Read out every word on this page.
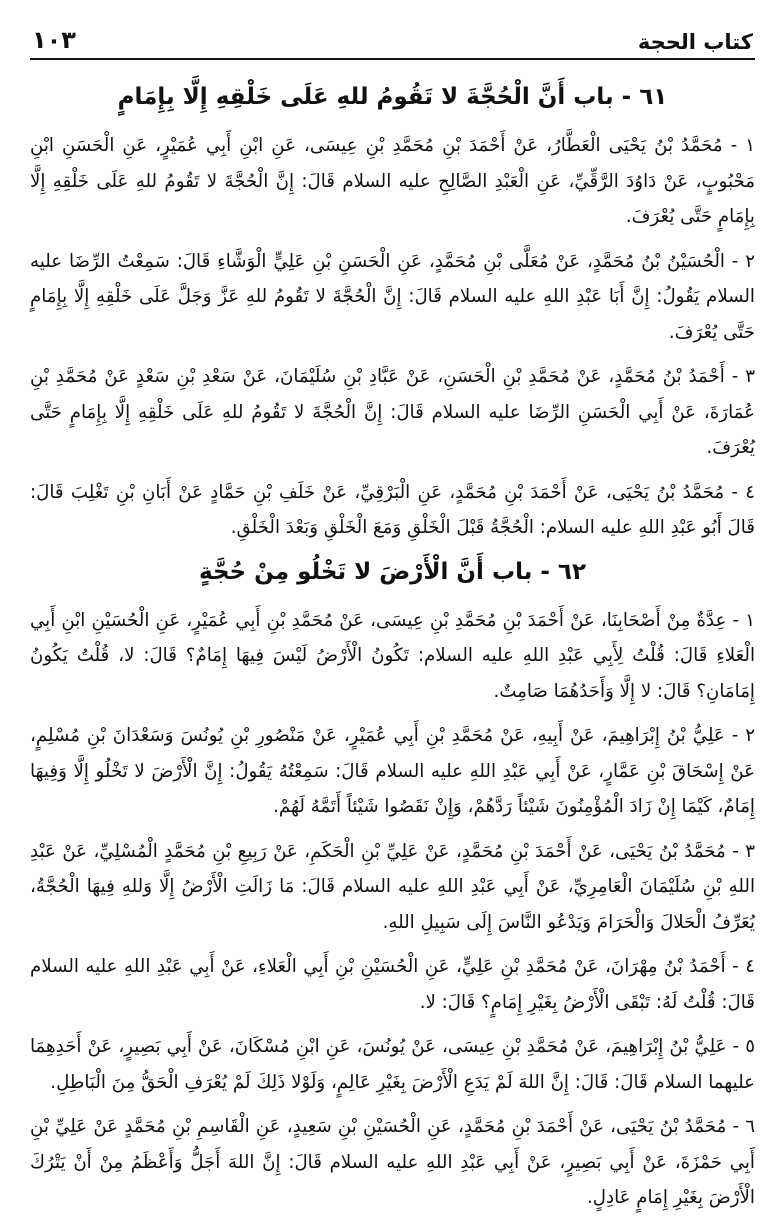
كتاب الحجة
١٠٣
٦١ - باب أَنَّ الْحُجَّةَ لا تَقُومُ للهِ عَلَى خَلْقِهِ إِلَّا بِإِمَامٍ

١ - مُحَمَّدُ بْنُ يَحْيَى الْعَطَّارُ، عَنْ أَحْمَدَ بْنِ مُحَمَّدِ بْنِ عِيسَى، عَنِ ابْنِ أَبِي عُمَيْرٍ، عَنِ الْحَسَنِ ابْنِ مَحْبُوبٍ، عَنْ دَاوُدَ الرَّقِّيِّ، عَنِ الْعَبْدِ الصَّالِحِ عليه السلام قَالَ: إِنَّ الْحُجَّةَ لا تَقُومُ للهِ عَلَى خَلْقِهِ إِلَّا بِإِمَامٍ حَتَّى يُعْرَفَ.

٢ - الْحُسَيْنُ بْنُ مُحَمَّدٍ، عَنْ مُعَلَّى بْنِ مُحَمَّدٍ، عَنِ الْحَسَنِ بْنِ عَلِيٍّ الْوَشَّاءِ قَالَ: سَمِعْتُ الرِّضَا عليه السلام يَقُولُ: إِنَّ أَبَا عَبْدِ اللهِ عليه السلام قَالَ: إِنَّ الْحُجَّةَ لا تَقُومُ للهِ عَزَّ وَجَلَّ عَلَى خَلْقِهِ إِلَّا بِإِمَامٍ حَتَّى يُعْرَفَ.

٣ - أَحْمَدُ بْنُ مُحَمَّدٍ، عَنْ مُحَمَّدِ بْنِ الْحَسَنِ، عَنْ عَبَّادِ بْنِ سُلَيْمَانَ، عَنْ سَعْدِ بْنِ سَعْدٍ عَنْ مُحَمَّدِ بْنِ عُمَارَةَ، عَنْ أَبِي الْحَسَنِ الرِّضَا عليه السلام قَالَ: إِنَّ الْحُجَّةَ لا تَقُومُ للهِ عَلَى خَلْقِهِ إِلَّا بِإِمَامٍ حَتَّى يُعْرَفَ.

٤ - مُحَمَّدُ بْنُ يَحْيَى، عَنْ أَحْمَدَ بْنِ مُحَمَّدٍ، عَنِ الْبَرْقِيِّ، عَنْ خَلَفِ بْنِ حَمَّادٍ عَنْ أَبَانِ بْنِ تَغْلِبَ قَالَ: قَالَ أَبُو عَبْدِ اللهِ عليه السلام: الْحُجَّةُ قَبْلَ الْخَلْقِ وَمَعَ الْخَلْقِ وَبَعْدَ الْخَلْقِ.

٦٢ - باب أَنَّ الْأَرْضَ لا تَخْلُو مِنْ حُجَّةٍ

١ - عِدَّةٌ مِنْ أَصْحَابِنَا، عَنْ أَحْمَدَ بْنِ مُحَمَّدِ بْنِ عِيسَى، عَنْ مُحَمَّدِ بْنِ أَبِي عُمَيْرٍ، عَنِ الْحُسَيْنِ ابْنِ أَبِي الْعَلاءِ قَالَ: قُلْتُ لِأَبِي عَبْدِ اللهِ عليه السلام: تَكُونُ الْأَرْضُ لَيْسَ فِيهَا إِمَامٌ؟ قَالَ: لا، قُلْتُ يَكُونُ إِمَامَانِ؟ قَالَ: لا إِلَّا وَأَحَدُهُمَا صَامِتٌ.

٢ - عَلِيُّ بْنُ إِبْرَاهِيمَ، عَنْ أَبِيهِ، عَنْ مُحَمَّدِ بْنِ أَبِي عُمَيْرٍ، عَنْ مَنْصُورِ بْنِ يُونُسَ وَسَعْدَانَ بْنِ مُسْلِمٍ، عَنْ إِسْحَاقَ بْنِ عَمَّارٍ، عَنْ أَبِي عَبْدِ اللهِ عليه السلام قَالَ: سَمِعْتُهُ يَقُولُ: إِنَّ الْأَرْضَ لا تَخْلُو إِلَّا وَفِيهَا إِمَامٌ، كَيْمَا إِنْ زَادَ الْمُؤْمِنُونَ شَيْئاً رَدَّهُمْ، وَإِنْ نَقَصُوا شَيْئاً أَتَمَّهُ لَهُمْ.

٣ - مُحَمَّدُ بْنُ يَحْيَى، عَنْ أَحْمَدَ بْنِ مُحَمَّدٍ، عَنْ عَلِيِّ بْنِ الْحَكَمِ، عَنْ رَبِيعِ بْنِ مُحَمَّدٍ الْمُسْلِيِّ، عَنْ عَبْدِ اللهِ بْنِ سُلَيْمَانَ الْعَامِرِيِّ، عَنْ أَبِي عَبْدِ اللهِ عليه السلام قَالَ: مَا زَالَتِ الْأَرْضُ إِلَّا وَللهِ فِيهَا الْحُجَّةُ، يُعَرِّفُ الْحَلالَ وَالْحَرَامَ وَيَدْعُو النَّاسَ إِلَى سَبِيلِ اللهِ.

٤ - أَحْمَدُ بْنُ مِهْرَانَ، عَنْ مُحَمَّدِ بْنِ عَلِيٍّ، عَنِ الْحُسَيْنِ بْنِ أَبِي الْعَلاءِ، عَنْ أَبِي عَبْدِ اللهِ عليه السلام قَالَ: قُلْتُ لَهُ: تَبْقَى الْأَرْضُ بِغَيْرِ إِمَامٍ؟ قَالَ: لا.

٥ - عَلِيُّ بْنُ إِبْرَاهِيمَ، عَنْ مُحَمَّدِ بْنِ عِيسَى، عَنْ يُونُسَ، عَنِ ابْنِ مُسْكَانَ، عَنْ أَبِي بَصِيرٍ، عَنْ أَحَدِهِمَا عليهما السلام قَالَ: قَالَ: إِنَّ اللهَ لَمْ يَدَعِ الْأَرْضَ بِغَيْرِ عَالِمٍ، وَلَوْلا ذَلِكَ لَمْ يُعْرَفِ الْحَقُّ مِنَ الْبَاطِلِ.

٦ - مُحَمَّدُ بْنُ يَحْيَى، عَنْ أَحْمَدَ بْنِ مُحَمَّدٍ، عَنِ الْحُسَيْنِ بْنِ سَعِيدٍ، عَنِ الْقَاسِمِ بْنِ مُحَمَّدٍ عَنْ عَلِيِّ بْنِ أَبِي حَمْزَةَ، عَنْ أَبِي بَصِيرٍ، عَنْ أَبِي عَبْدِ اللهِ عليه السلام قَالَ: إِنَّ اللهَ أَجَلُّ وَأَعْظَمُ مِنْ أَنْ يَتْرُكَ الْأَرْضَ بِغَيْرِ إِمَامٍ عَادِلٍ.
